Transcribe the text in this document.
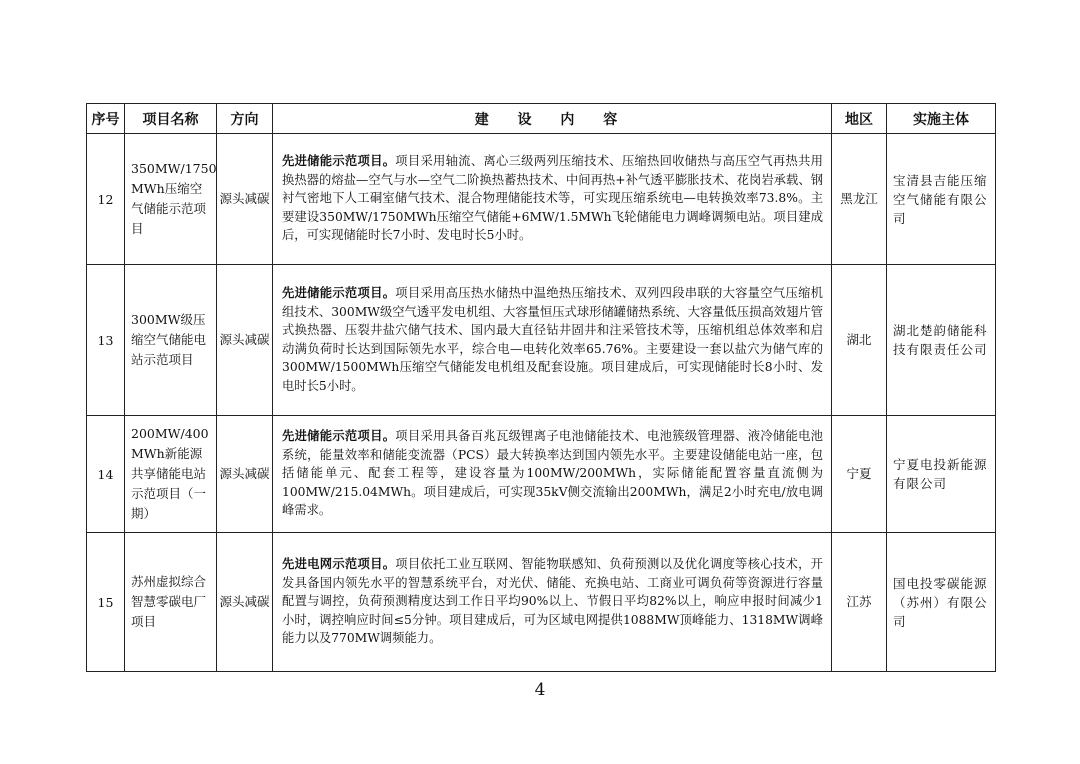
序号	项目名称	方向	建 设 内 容	地区	实施主体
12	350MW/1750 MWh压缩空气储能示范项目	源头减碳	先进储能示范项目。项目采用轴流、离心三级两列压缩技术、压缩热回收储热与高压空气再热共用换热器的熔盐—空气与水—空气二阶换热蓄热技术、中间再热+补气透平膨胀技术、花岗岩承载、钢衬气密地下人工硐室储气技术、混合物理储能技术等，可实现压缩系统电—电转换效率73.8%。主要建设350MW/1750MWh压缩空气储能+6MW/1.5MWh飞轮储能电力调峰调频电站。项目建成后，可实现储能时长7小时、发电时长5小时。	黑龙江	宝清县吉能压缩空气储能有限公司
13	300MW级压缩空气储能电站示范项目	源头减碳	先进储能示范项目。项目采用高压热水储热中温绝热压缩技术、双列四段串联的大容量空气压缩机组技术、300MW级空气透平发电机组、大容量恒压式球形储罐储热系统、大容量低压损高效翅片管式换热器、压裂井盐穴储气技术、国内最大直径钻井固井和注采管技术等，压缩机组总体效率和启动满负荷时长达到国际领先水平，综合电—电转化效率65.76%。主要建设一套以盐穴为储气库的300MW/1500MWh压缩空气储能发电机组及配套设施。项目建成后，可实现储能时长8小时、发电时长5小时。	湖北	湖北楚韵储能科技有限责任公司
14	200MW/400 MWh新能源共享储能电站示范项目（一期）	源头减碳	先进储能示范项目。项目采用具备百兆瓦级锂离子电池储能技术、电池簇级管理器、液冷储能电池系统，能量效率和储能变流器（PCS）最大转换率达到国内领先水平。主要建设储能电站一座，包括储能单元、配套工程等，建设容量为100MW/200MWh，实际储能配置容量直流侧为100MW/215.04MWh。项目建成后，可实现35kV侧交流输出200MWh，满足2小时充电/放电调峰需求。	宁夏	宁夏电投新能源有限公司
15	苏州虚拟综合智慧零碳电厂项目	源头减碳	先进电网示范项目。项目依托工业互联网、智能物联感知、负荷预测以及优化调度等核心技术，开发具备国内领先水平的智慧系统平台，对光伏、储能、充换电站、工商业可调负荷等资源进行容量配置与调控，负荷预测精度达到工作日平均90%以上、节假日平均82%以上，响应申报时间减少1小时，调控响应时间≤5分钟。项目建成后，可为区域电网提供1088MW顶峰能力、1318MW调峰能力以及770MW调频能力。	江苏	国电投零碳能源（苏州）有限公司
4
